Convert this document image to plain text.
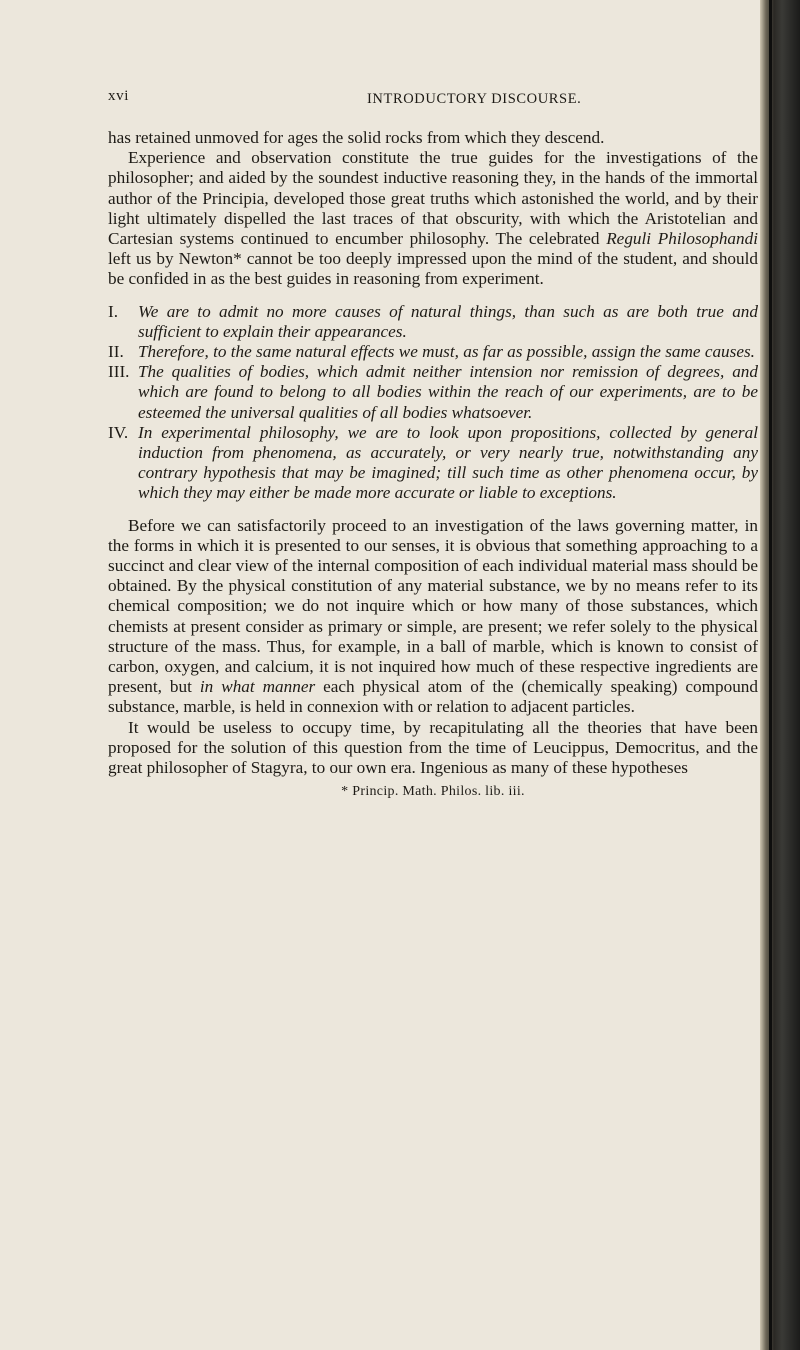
xvi	INTRODUCTORY DISCOURSE.

has retained unmoved for ages the solid rocks from which they descend.

Experience and observation constitute the true guides for the investigations of the philosopher; and aided by the soundest inductive reasoning they, in the hands of the immortal author of the Principia, developed those great truths which astonished the world, and by their light ultimately dispelled the last traces of that obscurity, with which the Aristotelian and Cartesian systems continued to encumber philosophy. The celebrated Reguli Philosophandi left us by Newton* cannot be too deeply impressed upon the mind of the student, and should be confided in as the best guides in reasoning from experiment.

I. We are to admit no more causes of natural things, than such as are both true and sufficient to explain their appearances.

II. Therefore, to the same natural effects we must, as far as possible, assign the same causes.

III. The qualities of bodies, which admit neither intension nor remission of degrees, and which are found to belong to all bodies within the reach of our experiments, are to be esteemed the universal qualities of all bodies whatsoever.

IV. In experimental philosophy, we are to look upon propositions, collected by general induction from phenomena, as accurately, or very nearly true, notwithstanding any contrary hypothesis that may be imagined; till such time as other phenomena occur, by which they may either be made more accurate or liable to exceptions.

Before we can satisfactorily proceed to an investigation of the laws governing matter, in the forms in which it is presented to our senses, it is obvious that something approaching to a succinct and clear view of the internal composition of each individual material mass should be obtained. By the physical constitution of any material substance, we by no means refer to its chemical composition; we do not inquire which or how many of those substances, which chemists at present consider as primary or simple, are present; we refer solely to the physical structure of the mass. Thus, for example, in a ball of marble, which is known to consist of carbon, oxygen, and calcium, it is not inquired how much of these respective ingredients are present, but in what manner each physical atom of the (chemically speaking) compound substance, marble, is held in connexion with or relation to adjacent particles.

It would be useless to occupy time, by recapitulating all the theories that have been proposed for the solution of this question from the time of Leucippus, Democritus, and the great philosopher of Stagyra, to our own era. Ingenious as many of these hypotheses

* Princip. Math. Philos. lib. iii.
